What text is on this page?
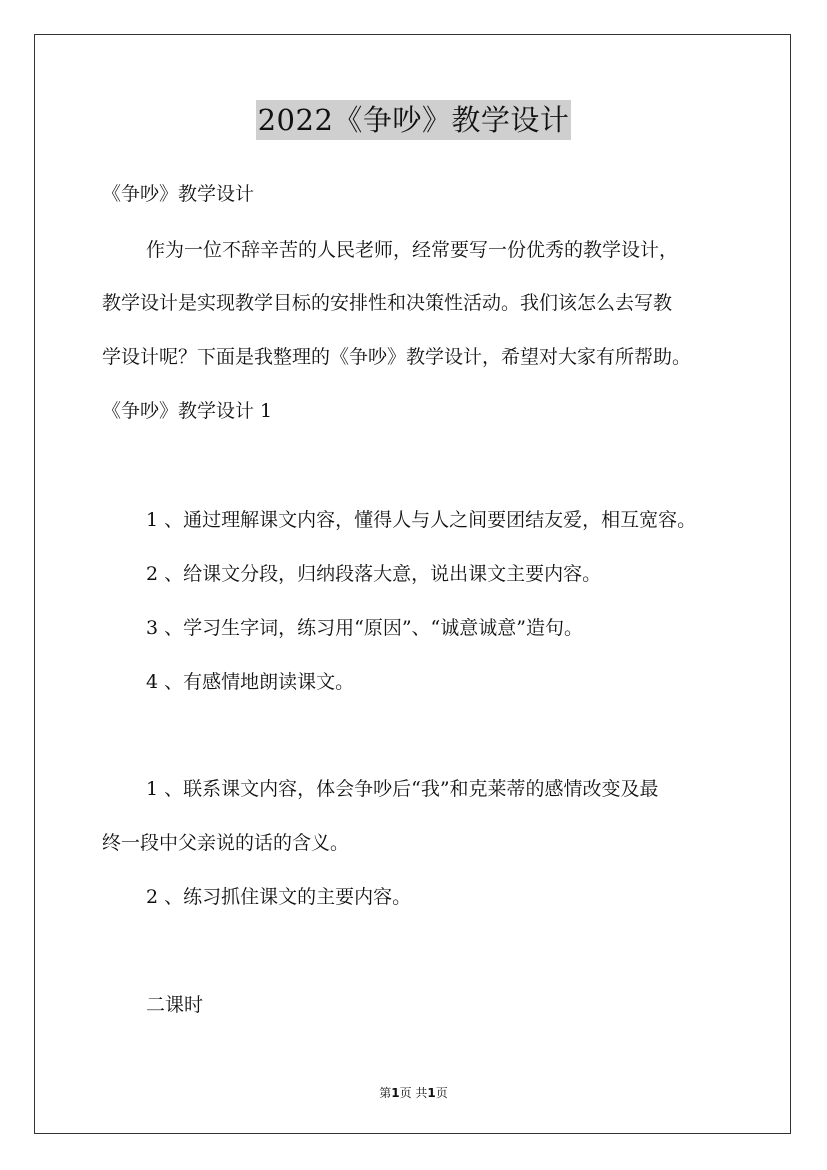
2022《争吵》教学设计
《争吵》教学设计
作为一位不辞辛苦的人民老师，经常要写一份优秀的教学设计，
教学设计是实现教学目标的安排性和决策性活动。我们该怎么去写教
学设计呢？下面是我整理的《争吵》教学设计，希望对大家有所帮助。
《争吵》教学设计 1
1 、通过理解课文内容，懂得人与人之间要团结友爱，相互宽容。
2 、给课文分段，归纳段落大意，说出课文主要内容。
3 、学习生字词，练习用“原因”、“诚意诚意”造句。
4 、有感情地朗读课文。
1 、联系课文内容，体会争吵后“我”和克莱蒂的感情改变及最
终一段中父亲说的话的含义。
2 、练习抓住课文的主要内容。
二课时
第1页 共1页
